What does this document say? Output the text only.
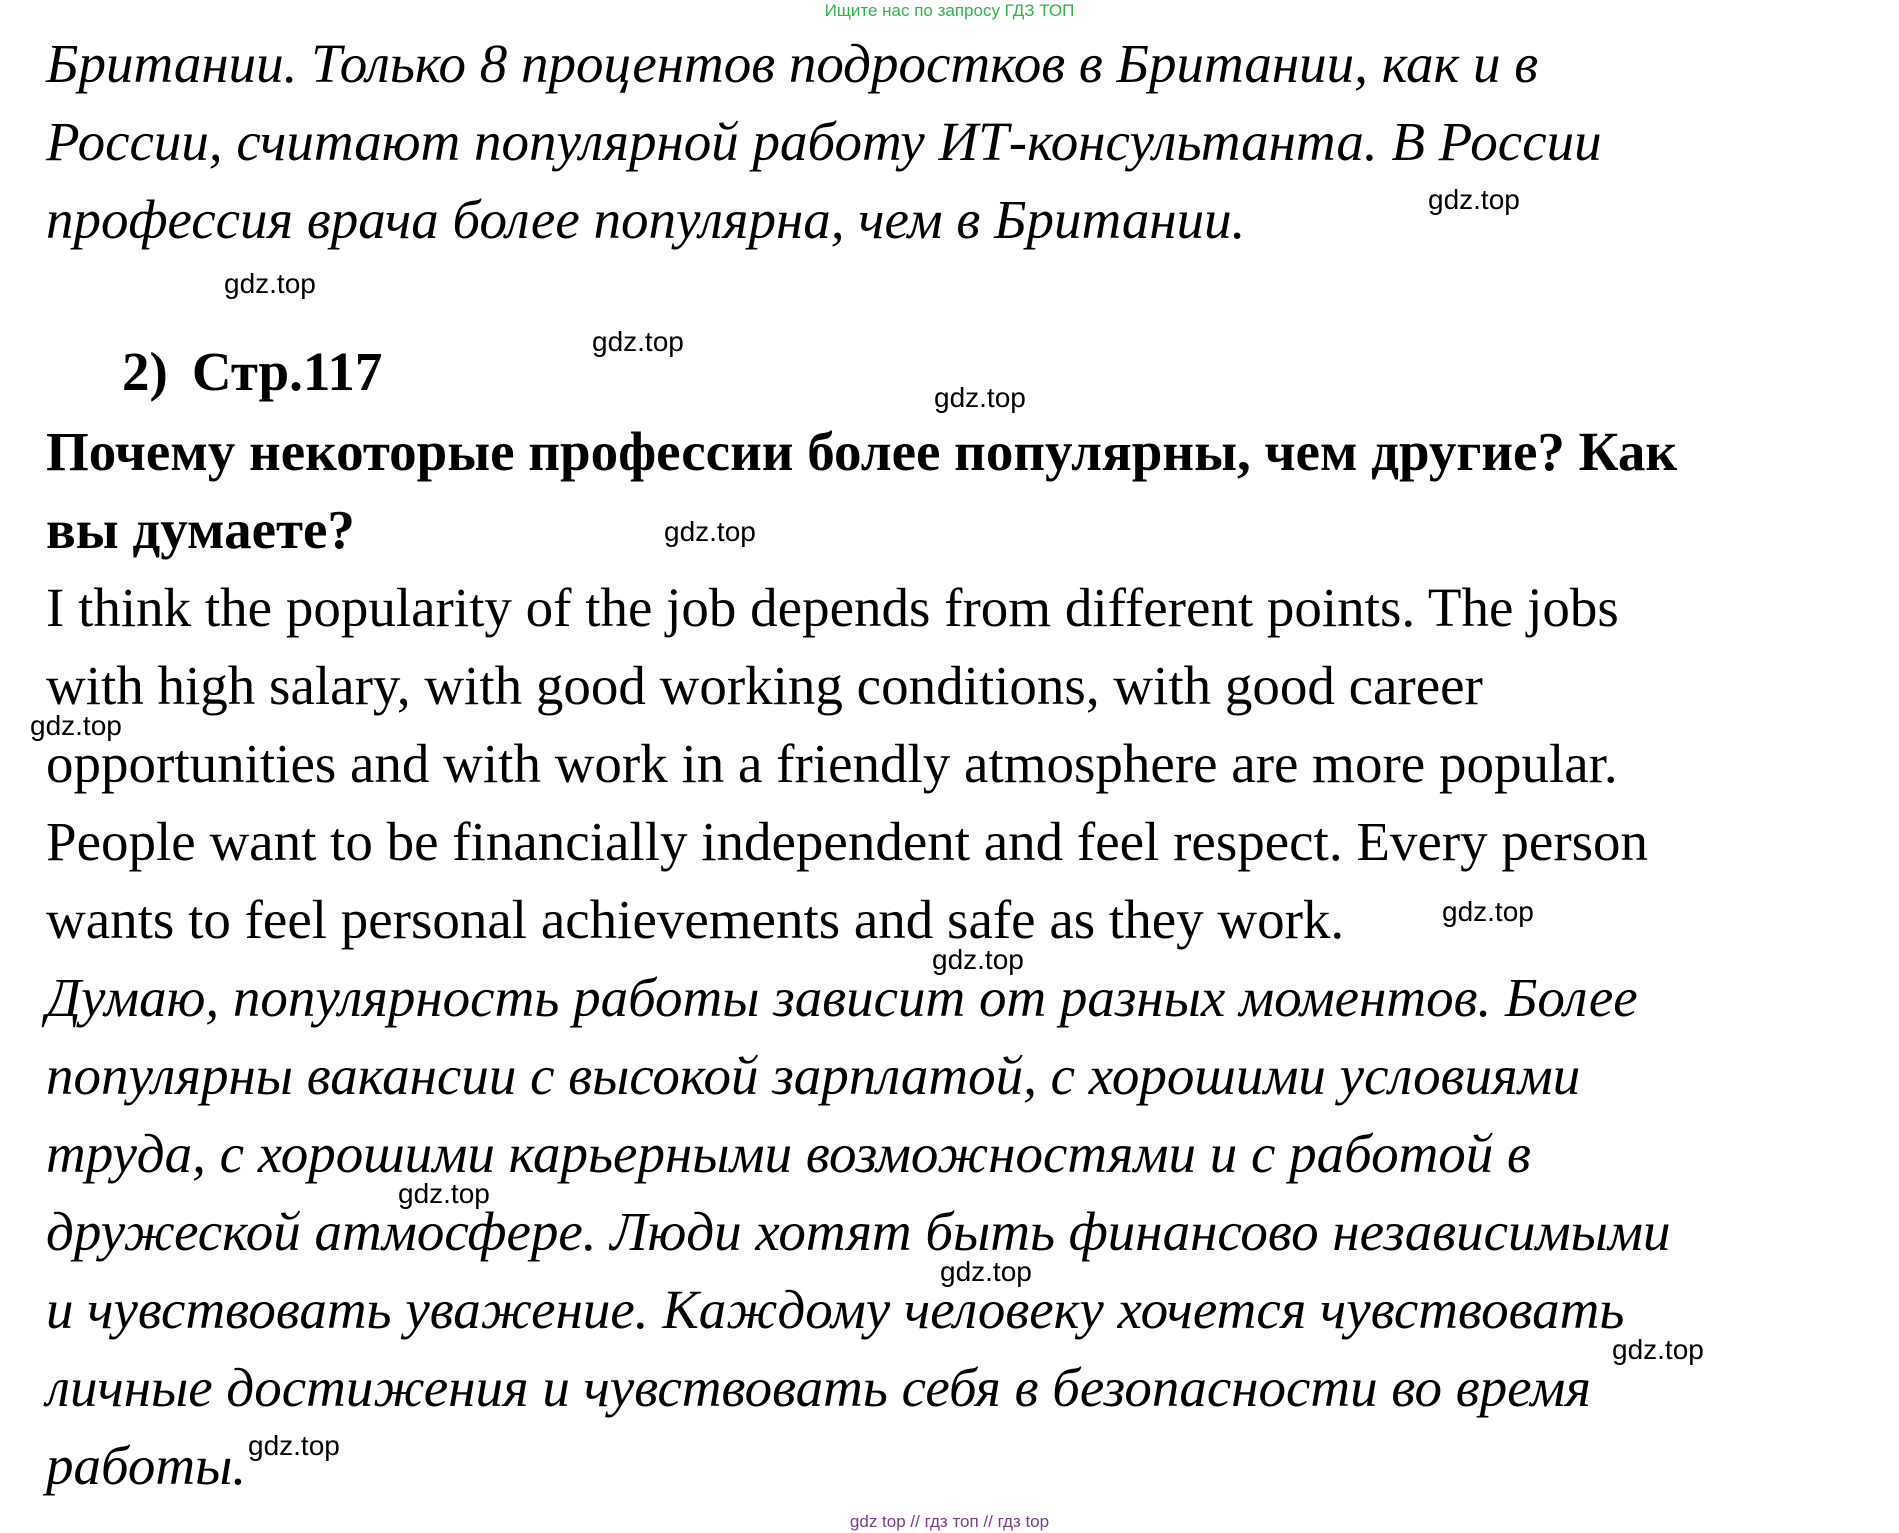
Ищите нас по запросу ГДЗ ТОП
Британии. Только 8 процентов подростков в Британии, как и в
России, считают популярной работу ИТ-консультанта. В России
профессия врача более популярна, чем в Британии.
2) Стр.117
Почему некоторые профессии более популярны, чем другие? Как
вы думаете?
I think the popularity of the job depends from different points. The jobs
with high salary, with good working conditions, with good career
opportunities and with work in a friendly atmosphere are more popular.
People want to be financially independent and feel respect. Every person
wants to feel personal achievements and safe as they work.
Думаю, популярность работы зависит от разных моментов. Более
популярны вакансии с высокой зарплатой, с хорошими условиями
труда, с хорошими карьерными возможностями и с работой в
дружеской атмосфере. Люди хотят быть финансово независимыми
и чувствовать уважение. Каждому человеку хочется чувствовать
личные достижения и чувствовать себя в безопасности во время
работы.
gdz.top
gdz.top
gdz.top
gdz.top
gdz.top
gdz.top
gdz.top
gdz.top
gdz.top
gdz.top
gdz.top
gdz.top
gdz top // гдз топ // гдз top
